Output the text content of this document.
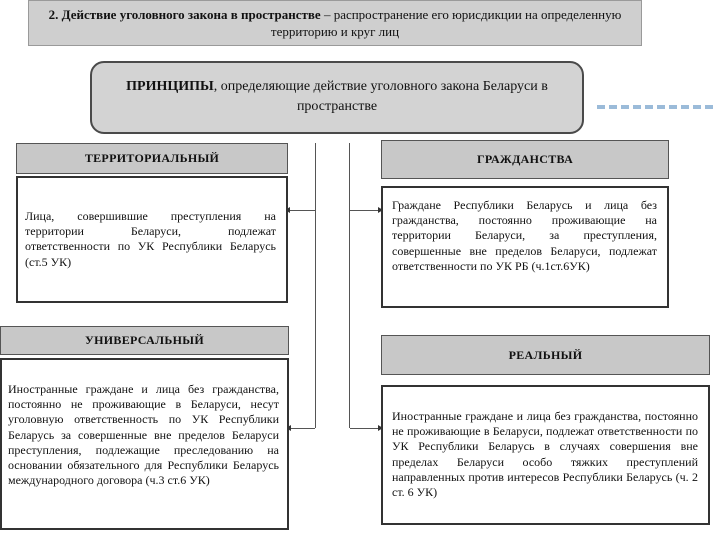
2. Действие уголовного закона в пространстве – распространение его юрисдикции на определенную территорию и круг лиц
ПРИНЦИПЫ, определяющие действие уголовного закона Беларуси в пространстве
ТЕРРИТОРИАЛЬНЫЙ
Лица, совершившие преступления на территории Беларуси, подлежат ответственности по УК Республики Беларусь (ст.5 УК)
ГРАЖДАНСТВА
Граждане Республики Беларусь и лица без гражданства, постоянно проживающие на территории Беларуси, за преступления, совершенные вне пределов Беларуси, подлежат ответственности по УК РБ (ч.1ст.6УК)
УНИВЕРСАЛЬНЫЙ
Иностранные граждане и лица без гражданства, постоянно не проживающие в Беларуси, несут уголовную ответственность по УК Республики Беларусь за совершенные вне пределов Беларуси преступления, подлежащие преследованию на основании обязательного для Республики Беларусь международного договора (ч.3 ст.6 УК)
РЕАЛЬНЫЙ
Иностранные граждане и лица без гражданства, постоянно не проживающие в Беларуси, подлежат ответственности по УК Республики Беларусь в случаях совершения вне пределах Беларуси особо тяжких преступлений направленных против интересов Республики Беларусь (ч. 2 ст. 6 УК)
